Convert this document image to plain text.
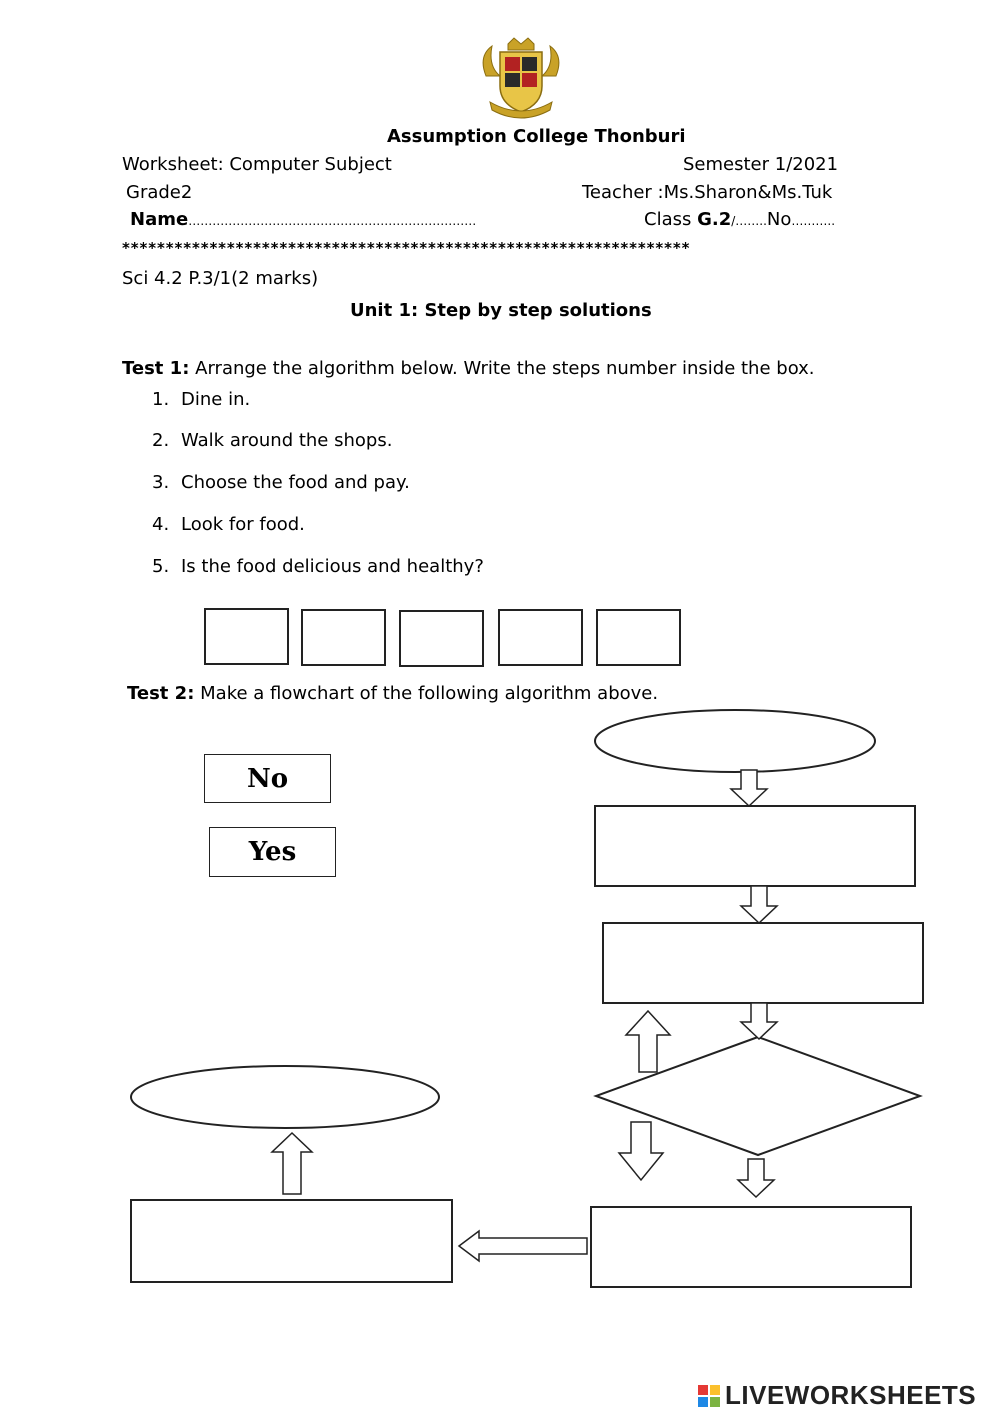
Assumption College Thonburi
Worksheet: Computer Subject	Semester 1/2021
Grade2	Teacher :Ms.Sharon&Ms.Tuk
Name………………………………………………………………	Class G.2/……..No………..
*****************************************************************
Sci 4.2 P.3/1(2 marks)
Unit 1: Step by step solutions
Test 1: Arrange the algorithm below. Write the steps number inside the box.
1. Dine in.
2. Walk around the shops.
3. Choose the food and pay.
4. Look for food.
5. Is the food delicious and healthy?
Test 2: Make a flowchart of the following algorithm above.
No
Yes
LIVEWORKSHEETS
